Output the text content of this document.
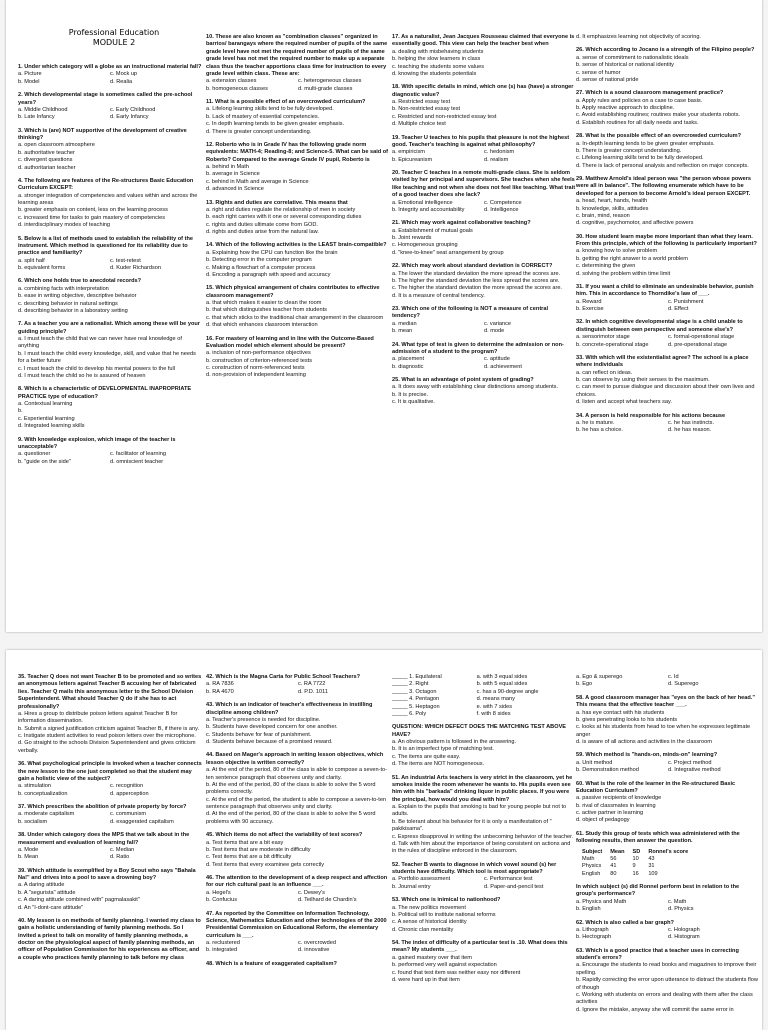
Professional Education
MODULE 2
1. Under which category will a globe as an instructional material fall?
a. Picture	c. Mock up
b. Model	d. Realia
2. Which developmental stage is sometimes called the pre-school years?
a. Middle Childhood	c. Early Childhood
b. Late Infancy	d. Early Infancy
3. Which is (are) NOT supportive of the development of creative thinking?
a. open classroom atmosphere
b. authoritative teacher
c. divergent questions
d. authoritarian teacher
4. The following are features of the Re-structures Basic Education Curriculum EXCEPT:
a. stronger integration of competencies and values within and across the learning areas
b. greater emphasis on content, less on the learning process
c. increased time for tasks to gain mastery of competencies
d. interdisciplinary modes of teaching
5. Below is a list of methods used to establish the reliability of the instrument. Which method is questioned for its reliability due to practice and familiarity?
a. split half	c. test-retest
b. equivalent forms	d. Kuder Richardson
6. Which one holds true to anecdotal records?
a. combining facts with interpretation
b. ease in writing objective, descriptive behavior
c. describing behavior in natural settings
d. describing behavior in a laboratory setting
7. As a teacher you are a rationalist. Which among these will be your guiding principle?
a. I must teach the child that we can never have real knowledge of anything
b. I must teach the child every knowledge, skill, and value that he needs for a better future
c. I must teach the child to develop his mental powers to the full
d. I must teach the child so he is assured of heaven
8. Which is a characteristic of DEVELOPMENTAL INAPROPRIATE PRACTICE type of education?
a. Contextual learning
b.
c. Experiential learning
d. Integrated learning skills
9. With knowledge explosion, which image of the teacher is unacceptable?
a. questioner	c. facilitator of learning
b. "guide on the side"	d. omniscient teacher
10. These are also known as "combination classes" organized in barrios/ barangays where the required number of pupils of the same grade level have not met the required number of pupils of the same grade level has not met the required number to make up a separate class thus the teacher apportions class time for instruction to every grade level within class. These are:
a. extension classes	c. heterogeneous classes
b. homogeneous classes	d. multi-grade classes
11. What is a possible effect of an overcrowded curriculum?
a. Lifelong learning skills tend to be fully developed.
b. Lack of mastery of essential competencies.
c. In depth learning tends to be given greater emphasis.
d. There is greater concept understanding.
12. Roberto who is in Grade IV has the following grade norm equivalents: MATH-4; Reading-8; and Science-5. What can be said of Roberto? Compared to the average Grade IV pupil, Roberto is
a. behind in Math
b. average in Science
c. behind in Math and average in Science
d. advanced in Science
13. Rights and duties are correlative. This means that
a. right and duties regulate the relationship of men in society
b. each right carries with it one or several corresponding duties
c. rights and duties ultimate come from GOD.
d. rights and duties arise from the natural law.
14. Which of the following activities is the LEAST brain-compatible?
a. Explaining how the CPU can function like the brain
b. Detecting error in the computer program
c. Making a flowchart of a computer process
d. Encoding a paragraph with speed and accuracy
15. Which physical arrangement of chairs contributes to effective classroom management?
a. that which makes it easier to clean the room
b. that which distinguishes teacher from students
c. that which sticks to the traditional chair arrangement in the classroom
d. that which enhances classroom interaction
16. For mastery of learning and in line with the Outcome-Based Evaluation model which element should be present?
a. inclusion of non-performance objectives
b. construction of criterion-referenced tests
c. construction of norm-referenced tests
d. non-provision of independent learning
17. As a naturalist, Jean Jacques Rousseau claimed that everyone is essentially good. This view can help the teacher best when
a. dealing with misbehaving students
b. helping the slow learners in class
c. teaching the students some values
d. knowing the students potentials
18. With specific details in mind, which one (s) has (have) a stronger diagnostic value?
a. Restricted essay test
b. Non-restricted essay test
c. Restricted and non-restricted essay test
d. Multiple choice test
19. Teacher U teaches to his pupils that pleasure is not the highest good. Teacher's teaching is against what philosophy?
a. empiricism	c. hedonism
b. Epicureanism	d. realism
20. Teacher C teaches in a remote multi-grade class. She is seldom visited by her principal and supervisors. She teaches when she feels like teaching and not when she does not feel like teaching. What trait of a good teacher does she lack?
a. Emotional intelligence	c. Competence
b. Integrity and accountability	d. Intelligence
21. Which may work against collaborative teaching?
a. Establishment of mutual goals
b. Joint rewards
c. Homogeneous grouping
d. "knee-to-knee" seat arrangement by group
22. Which may work about standard deviation is CORRECT?
a. The lower the standard deviation the more spread the scores are.
b. The higher the standard deviation the less spread the scores are.
c. The higher the standard deviation the more spread the scores are.
d. It is a measure of central tendency.
23. Which one of the following is NOT a measure of central tendency?
a. median	c. variance
b. mean	d. mode
24. What type of test is given to determine the admission or non-admission of a student to the program?
a. placement	c. aptitude
b. diagnostic	d. achievement
25. What is an advantage of point system of grading?
a. It does away with establishing clear distinctions among students.
b. It is precise.
c. It is qualitative.
d. It emphasizes learning not objectivity of scoring.
26. Which according to Jocano is a strength of the Filipino people?
a. sense of commitment to nationalistic ideals
b. sense of historical or national identity
c. sense of humor
d. sense of national pride
27. Which is a sound classroom management practice?
a. Apply rules and policies on a case to case basis.
b. Apply reactive approach to discipline.
c. Avoid establishing routines; routines make your students robots.
d. Establish routines for all daily needs and tasks.
28. What is the possible effect of an overcrowded curriculum?
a. In-depth learning tends to be given greater emphasis.
b. There is greater concept understanding.
c. Lifelong learning skills tend to be fully developed.
d. There is lack of personal analysis and reflection on major concepts.
29. Matthew Arnold's ideal person was "the person whose powers were all in balance". The following enumerate which have to be developed for a person to become Arnold's ideal person EXCEPT.
a. head, heart, hands, health
b. knowledge, skills, attitudes
c. brain, mind, reason
d. cognitive, psychomotor, and affective powers
30. How student learn maybe more important than what they learn. From this principle, which of the following is particularly important?
a. knowing how to solve problem
b. getting the right answer to a world problem
c. determining the given
d. solving the problem within time limit
31. If you want a child to eliminate an undesirable behavior, punish him. This in accordance to Thorndike's law of ___.
a. Reward	c. Punishment
b. Exercise	d. Effect
32. In which cognitive developmental stage is a child unable to distinguish between own perspective and someone else's?
a. sensorimotor stage	c. formal-operational stage
b. concrete-operational stage	d. pre-operational stage
33. With which will the existentialist agree? The school is a place where individuals
a. can reflect on ideas.
b. can observe by using their senses to the maximum.
c. can meet to pursue dialogue and discussion about their own lives and choices.
d. listen and accept what teachers say.
34. A person is held responsible for his actions because
a. he is mature.	c. he has instincts.
b. he has a choice.	d. he has reason.
35. Teacher Q does not want Teacher B to be promoted and so writes an anonymous letters against Teacher B accusing her of fabricated lies. Teacher Q mails this anonymous letter to the School Division Superintendent. What should Teacher Q do if she has to act professionally?
a. Hires a group to distribute poison letters against Teacher B for information dissemination.
b. Submit a signed justification criticism against Teacher B, if there is any.
c. Instigate student activities to read poison letters over the microphone.
d. Go straight to the schools Division Superintendent and gives criticism verbally.
36. What psychological principle is invoked when a teacher connects the new lesson to the one just completed so that the student may gain a holistic view of the subject?
a. stimulation	c. recognition
b. conceptualization	d. apperception
37. Which prescribes the abolition of private property by force?
a. moderate capitalism	c. communism
b. socialism	d. exaggerated capitalism
38. Under which category does the MPS that we talk about in the measurement and evaluation of learning fall?
a. Mode	c. Median
b. Mean	d. Ratio
39. Which attitude is exemplified by a Boy Scout who says "Bahala Na!" and drives into a pool to save a drowning boy?
a. A daring attitude
b. A "segurista" attitude
c. A daring attitude combined with" pagmalasakit"
d. An "I-dont-care attitude"
40. My lesson is on methods of family planning. I wanted my class to gain a holistic understanding of family planning methods. So I invited a priest to talk on morality of family planning methods, a doctor on the physiological aspect of family planning methods, an officer of Population Commission for his experiences as officer, and a couple who practices family planning to talk before my class
42. Which is the Magna Carta for Public School Teachers?
a. RA 7836	c. RA 7722
b. RA 4670	d. P.D. 1011
43. Which is an indicator of teacher's effectiveness in instilling discipline among children?
a. Teacher's presence is needed for discipline.
b. Students have developed concern for one another.
c. Students behave for fear of punishment.
d. Students behave because of a promised reward.
44. Based on Mager's approach in writing lesson objectives, which lesson objective is written correctly?
a. At the end of the period, 80 of the class is able to compose a seven-to-ten sentence paragraph that observes unity and clarity.
b. At the end of the period, 80 of the class is able to solve the 5 word problems correctly.
c. At the end of the period, the student is able to compose a seven-to-ten sentence paragraph that observes unity and clarity.
d. At the end of the period, 80 of the class is able to solve the 5 word problems with 90 accuracy.
45. Which items do not affect the variability of test scores?
a. Test items that are a bit easy
b. Test items that are moderate in difficulty
c. Test items that are a bit difficulty
d. Test items that every examinee gets correctly
46. The attention to the development of a deep respect and affection for our rich cultural past is an influence ___.
a. Hegel's	c. Dewey's
b. Confucius	d. Teilhard de Chardin's
47. As reported by the Committee on Information Technology, Science, Mathematics Education and other technologies of the 2000 Presidential Commission on Educational Reform, the elementary curriculum is ___.
a. reclustered	c. overcrowded
b. integrated	d. innovative
48. Which is a feature of exaggerated capitalism?
_____ 1. Equilateral
_____ 2. Right
_____ 3. Octagon
_____ 4. Pentagon
_____ 5. Heptagon
_____ 6. Poly
a. with 3 equal sides
b. with 5 equal sides
c. has a 90-degree angle
d. means many
e. with 7 sides
f. with 8 sides
QUESTION: WHICH DEFECT DOES THE MATCHING TEST ABOVE HAVE?
a. An obvious pattern is followed in the answering.
b. It is an imperfect type of matching test.
c. The items are quite easy.
d. The items are NOT homogeneous.
51. An industrial Arts teachers is very strict in the classroom, yet he smokes inside the room whenever he wants to. His pupils even see him with his "barkada" drinking liquor in public places. If you were the principal, how would you deal with him?
a. Explain to the pupils that smoking is bad for young people but not to adults.
b. Be tolerant about his behavior for it is only a manifestation of " pakikisama".
c. Express disapproval in writing the unbecoming behavior of the teacher.
d. Talk with him about the importance of being consistent on actions and in the rules of discipline enforced in the classroom.
52. Teacher B wants to diagnose in which vowel sound (s) her students have difficulty. Which tool is most appropriate?
a. Portfolio assessment	c. Performance test
b. Journal entry	d. Paper-and-pencil test
53. Which one is inimical to nationhood?
a. The new politics movement
b. Political will to institute national reforms
c. A sense of historical identity
d. Chronic clan mentality
54. The index of difficulty of a particular test is .10. What does this mean? My students ___.
a. gained mastery over that item
b. performed very well against expectation
c. found that test item was neither easy nor different
d. were hard up in that item
a. Ego & superego	c. Id
b. Ego	d. Superego
58. A good classroom manager has "eyes on the back of her head." This means that the effective teacher ___.
a. has eye contact with his students
b. gives penetrating looks to his students
c. looks at his students from head to toe when he expresses legitimate anger
d. is aware of all actions and activities in the classroom
59. Which method is "hands-on, minds-on" learning?
a. Unit method	c. Project method
b. Demonstration method	d. Integrative method
60. What is the role of the learner in the Re-structured Basic Education Curriculum?
a. passive recipients of knowledge
b. rival of classmates in learning
c. active partner in learning
d. object of pedagogy
61. Study this group of tests which was administered with the following results, then answer the question.
Subject	Mean	SD	Ronnel's score
Math	56	10	43
Physics	41	9	31
English	80	16	109
In which subject (s) did Ronnel perform best in relation to the group's performance?
a. Physics and Math	c. Math
b. English	d. Physics
62. Which is also called a bar graph?
a. Lithograph	c. Holograph
b. Hectograph	d. Histogram
63. Which is a good practice that a teacher uses in correcting student's errors?
a. Encourage the students to read books and magazines to improve their spelling.
b. Rapidly correcting the error upon utterance to distract the students flow of though
c. Working with students on errors and dealing with them after the class activities
d. Ignore the mistake, anyway she will commit the same error in
